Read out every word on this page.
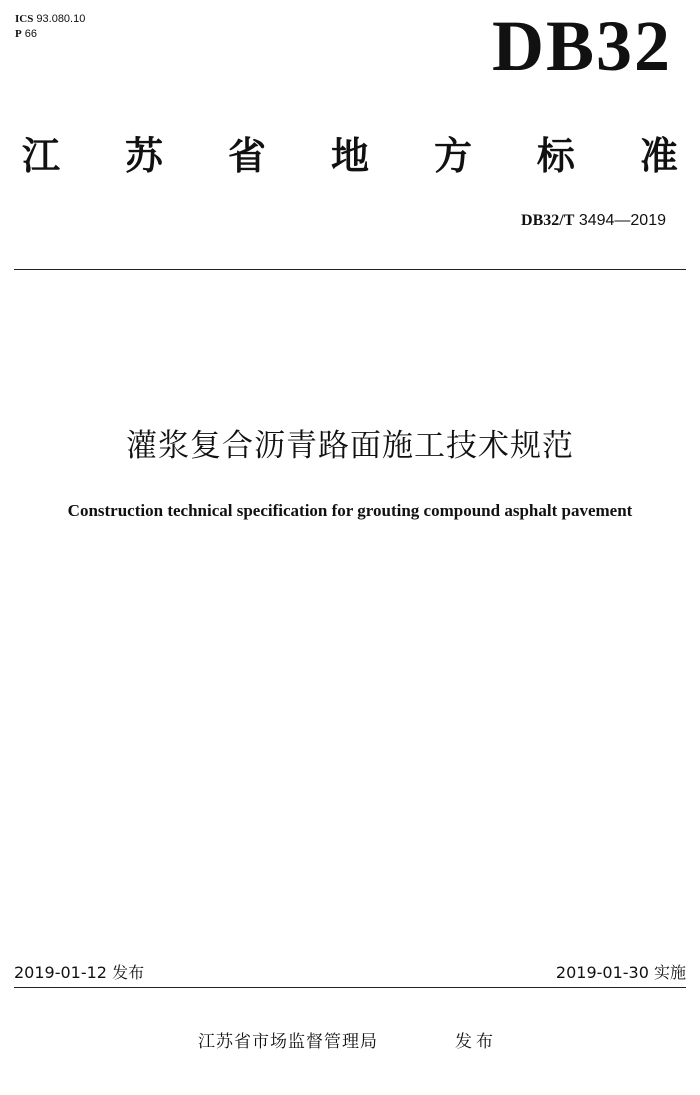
ICS 93.080.10
P 66	DB32
江 苏 省 地 方 标 准
DB32/T 3494—2019
灌浆复合沥青路面施工技术规范
Construction technical specification for grouting compound asphalt pavement
2019-01-12 发布	2019-01-30 实施
江苏省市场监督管理局	发布
